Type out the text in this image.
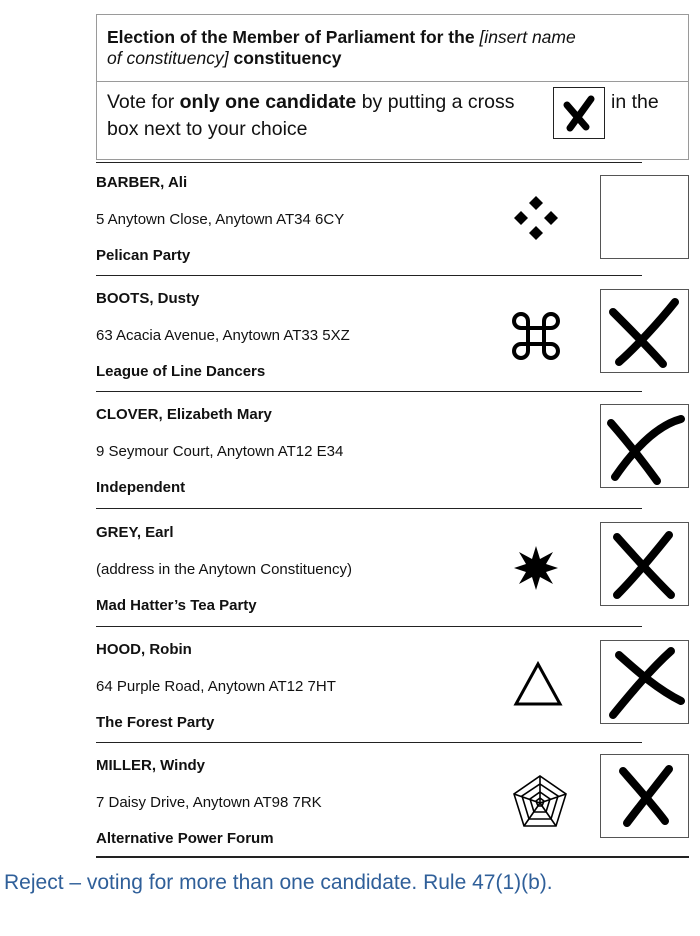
Election of the Member of Parliament for the [insert name
of constituency] constituency
Vote for only one candidate by putting a cross
box next to your choice
in the
BARBER, Ali
5 Anytown Close, Anytown AT34 6CY
Pelican Party
BOOTS, Dusty
63 Acacia Avenue, Anytown AT33 5XZ
League of Line Dancers
CLOVER, Elizabeth Mary
9 Seymour Court, Anytown AT12 E34
Independent
GREY, Earl
(address in the Anytown Constituency)
Mad Hatter’s Tea Party
HOOD, Robin
64 Purple Road, Anytown AT12 7HT
The Forest Party
MILLER, Windy
7 Daisy Drive, Anytown AT98 7RK
Alternative Power Forum
Reject – voting for more than one candidate. Rule 47(1)(b).
